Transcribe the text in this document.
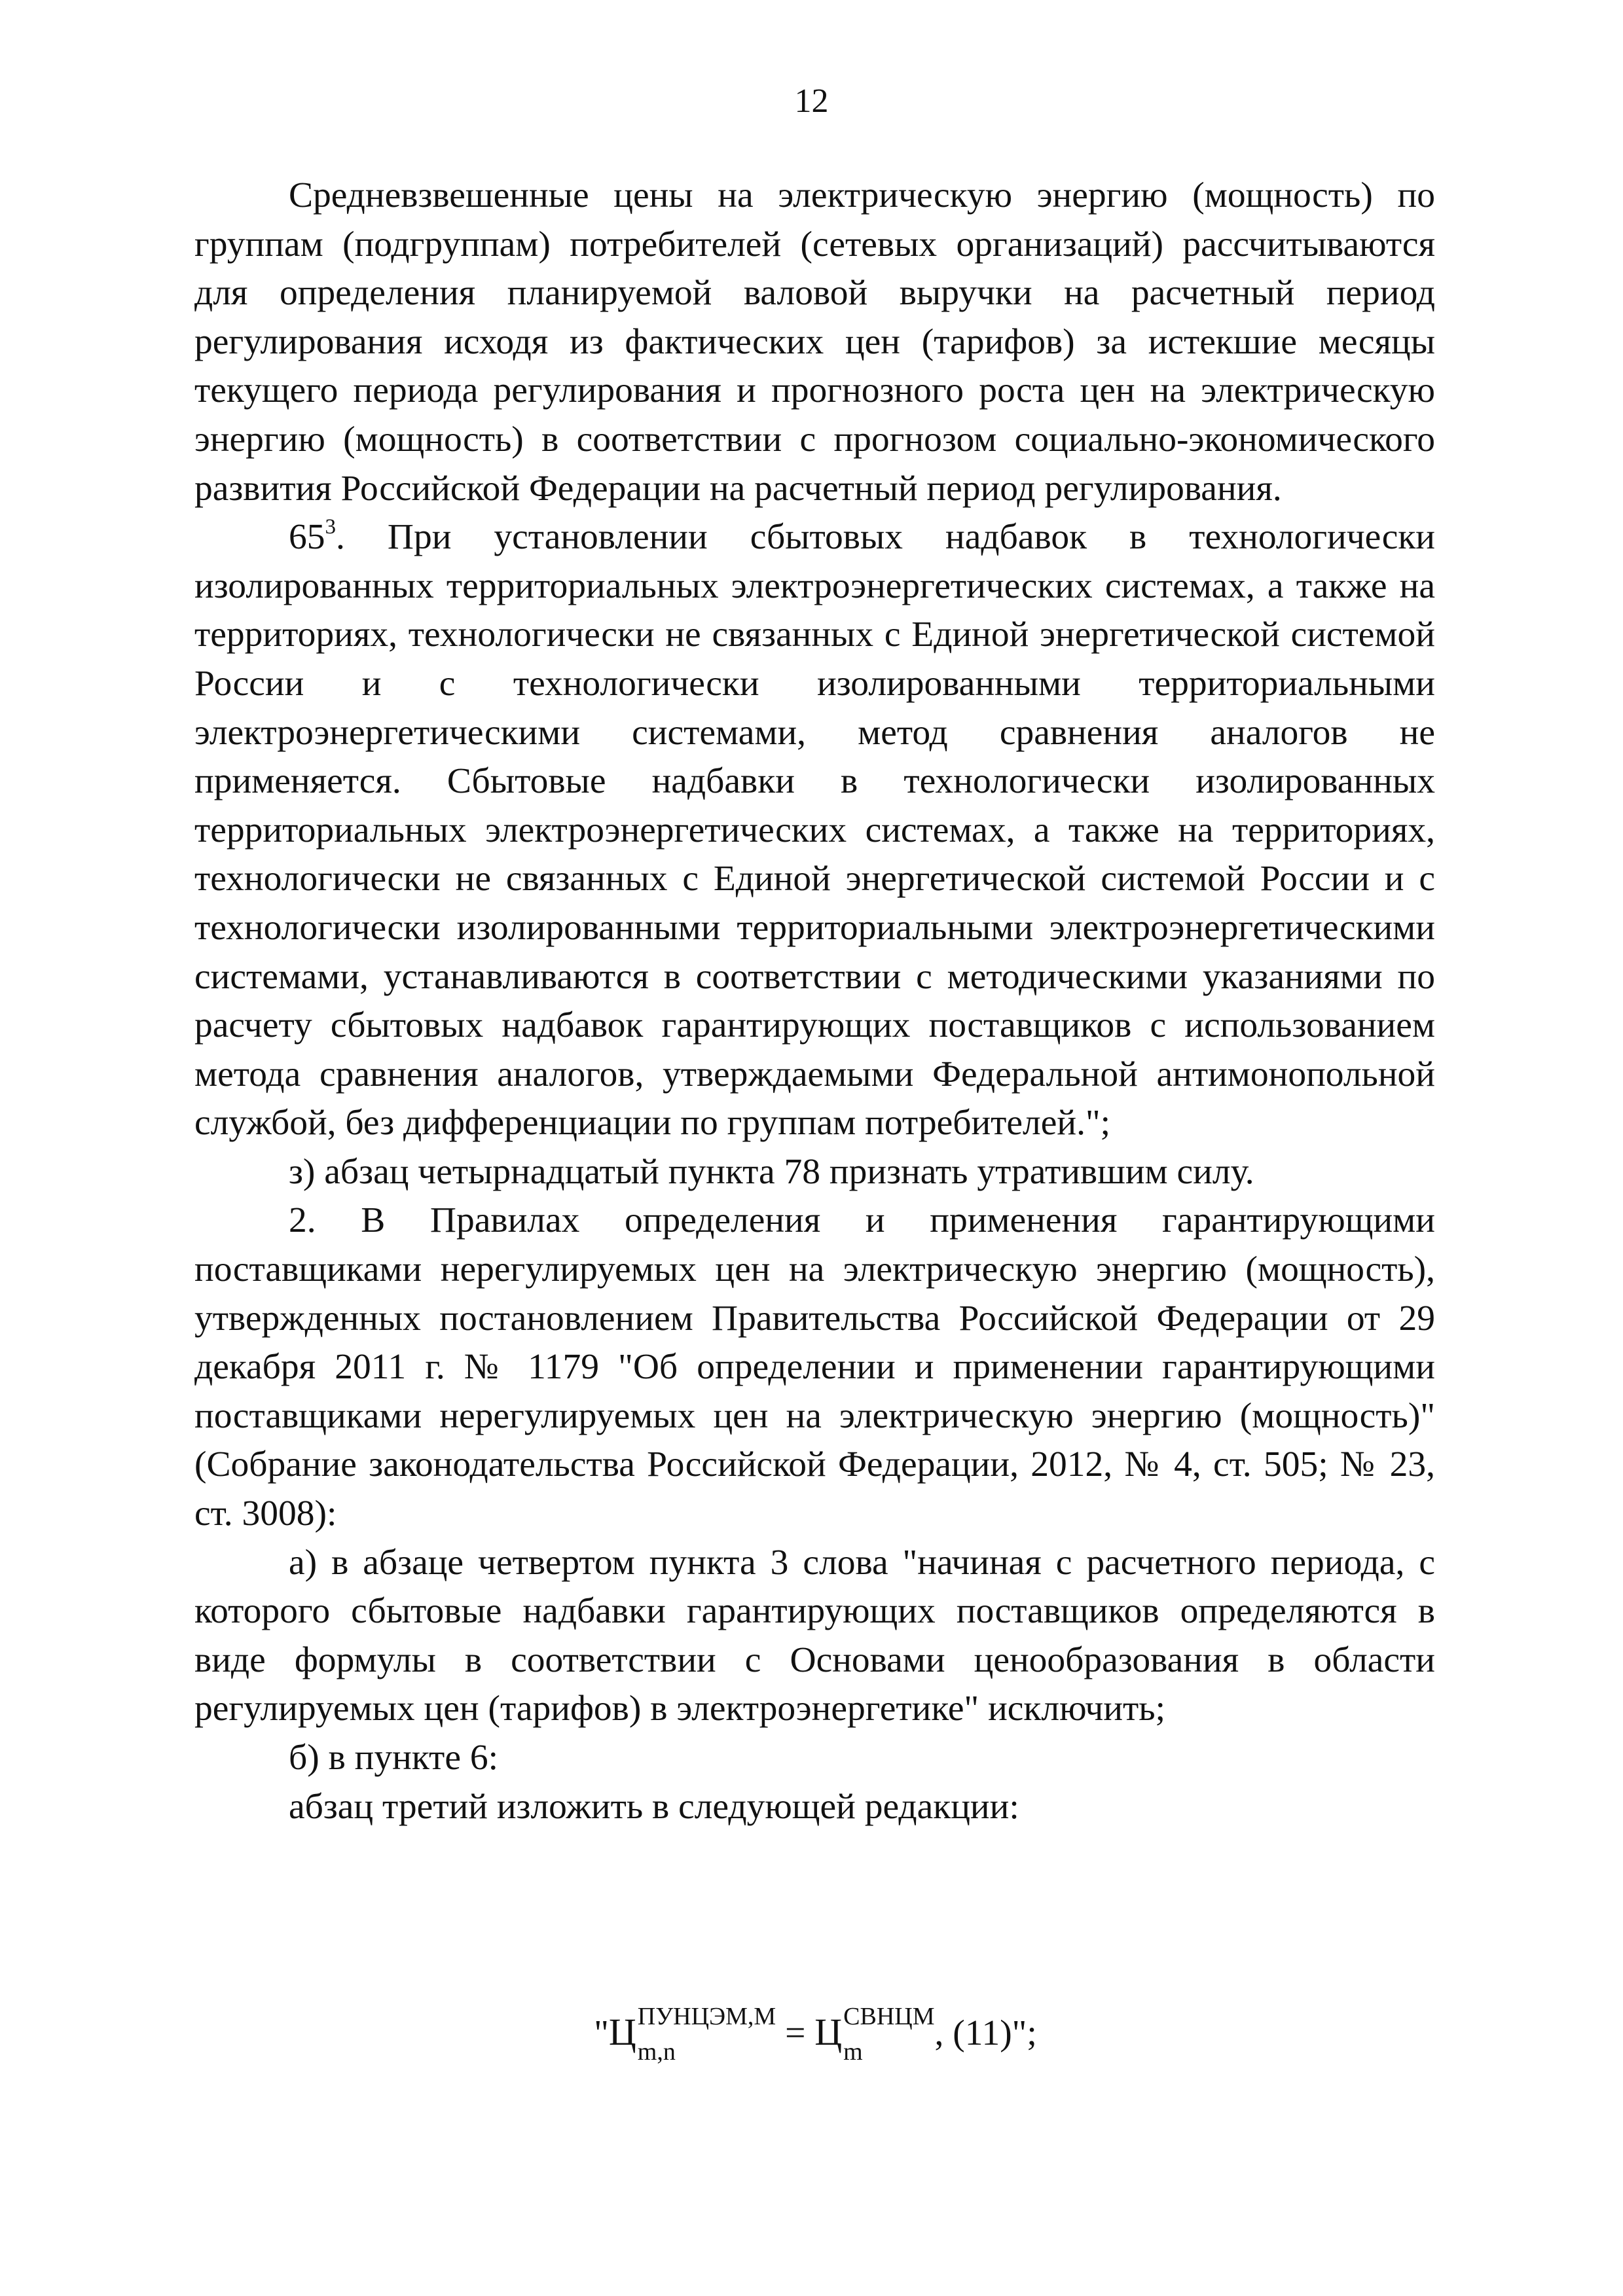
12

Средневзвешенные цены на электрическую энергию (мощность) по группам (подгруппам) потребителей (сетевых организаций) рассчитываются для определения планируемой валовой выручки на расчетный период регулирования исходя из фактических цен (тарифов) за истекшие месяцы текущего периода регулирования и прогнозного роста цен на электрическую энергию (мощность) в соответствии с прогнозом социально-экономического развития Российской Федерации на расчетный период регулирования.

$65^3$. При установлении сбытовых надбавок в технологически изолированных территориальных электроэнергетических системах, а также на территориях, технологически не связанных с Единой энергетической системой России и с технологически изолированными территориальными электроэнергетическими системами, метод сравнения аналогов не применяется. Сбытовые надбавки в технологически изолированных территориальных электроэнергетических системах, а также на территориях, технологически не связанных с Единой энергетической системой России и с технологически изолированными территориальными электроэнергетическими системами, устанавливаются в соответствии с методическими указаниями по расчету сбытовых надбавок гарантирующих поставщиков с использованием метода сравнения аналогов, утверждаемыми Федеральной антимонопольной службой, без дифференциации по группам потребителей.";

з) абзац четырнадцатый пункта 78 признать утратившим силу.

2. В Правилах определения и применения гарантирующими поставщиками нерегулируемых цен на электрическую энергию (мощность), утвержденных постановлением Правительства Российской Федерации от 29 декабря 2011 г. № 1179 "Об определении и применении гарантирующими поставщиками нерегулируемых цен на электрическую энергию (мощность)" (Собрание законодательства Российской Федерации, 2012, № 4, ст. 505; № 23, ст. 3008):

а) в абзаце четвертом пункта 3 слова "начиная с расчетного периода, с которого сбытовые надбавки гарантирующих поставщиков определяются в виде формулы в соответствии с Основами ценообразования в области регулируемых цен (тарифов) в электроэнергетике" исключить;

б) в пункте 6:

абзац третий изложить в следующей редакции:

"Ц ПУНЦЭМ,М
m,n	= Ц СВНЦМ
m	, (11)";
